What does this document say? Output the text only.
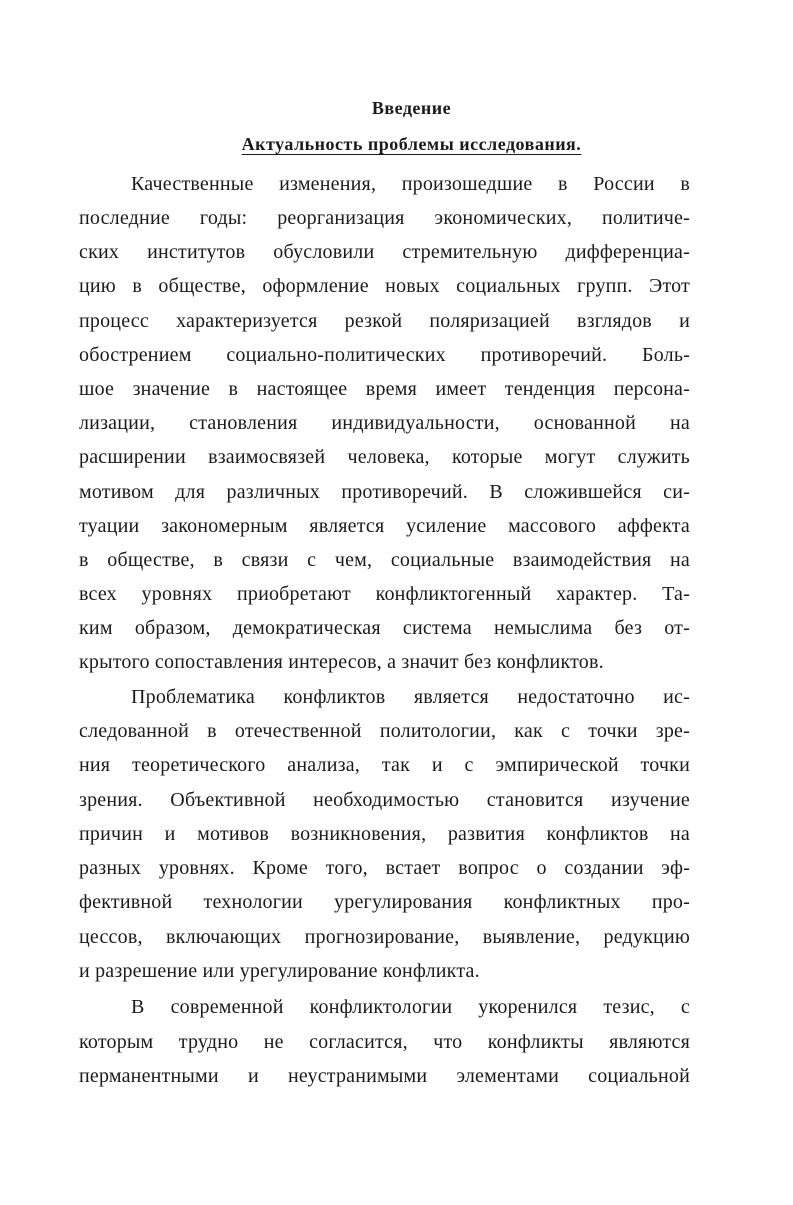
Введение
Актуальность проблемы исследования.
Качественные изменения, произошедшие в России в
последние годы: реорганизация экономических, политиче-
ских институтов обусловили стремительную дифференциа-
цию в обществе, оформление новых социальных групп. Этот
процесс характеризуется резкой поляризацией взглядов и
обострением социально-политических противоречий. Боль-
шое значение в настоящее время имеет тенденция персона-
лизации, становления индивидуальности, основанной на
расширении взаимосвязей человека, которые могут служить
мотивом для различных противоречий. В сложившейся си-
туации закономерным является усиление массового аффекта
в обществе, в связи с чем, социальные взаимодействия на
всех уровнях приобретают конфликтогенный характер. Та-
ким образом, демократическая система немыслима без от-
крытого сопоставления интересов, а значит без конфликтов.
Проблематика конфликтов является недостаточно ис-
следованной в отечественной политологии, как с точки зре-
ния теоретического анализа, так и с эмпирической точки
зрения. Объективной необходимостью становится изучение
причин и мотивов возникновения, развития конфликтов на
разных уровнях. Кроме того, встает вопрос о создании эф-
фективной технологии урегулирования конфликтных про-
цессов, включающих прогнозирование, выявление, редукцию
и разрешение или урегулирование конфликта.
В современной конфликтологии укоренился тезис, с
которым трудно не согласится, что конфликты являются
перманентными и неустранимыми элементами социальной
